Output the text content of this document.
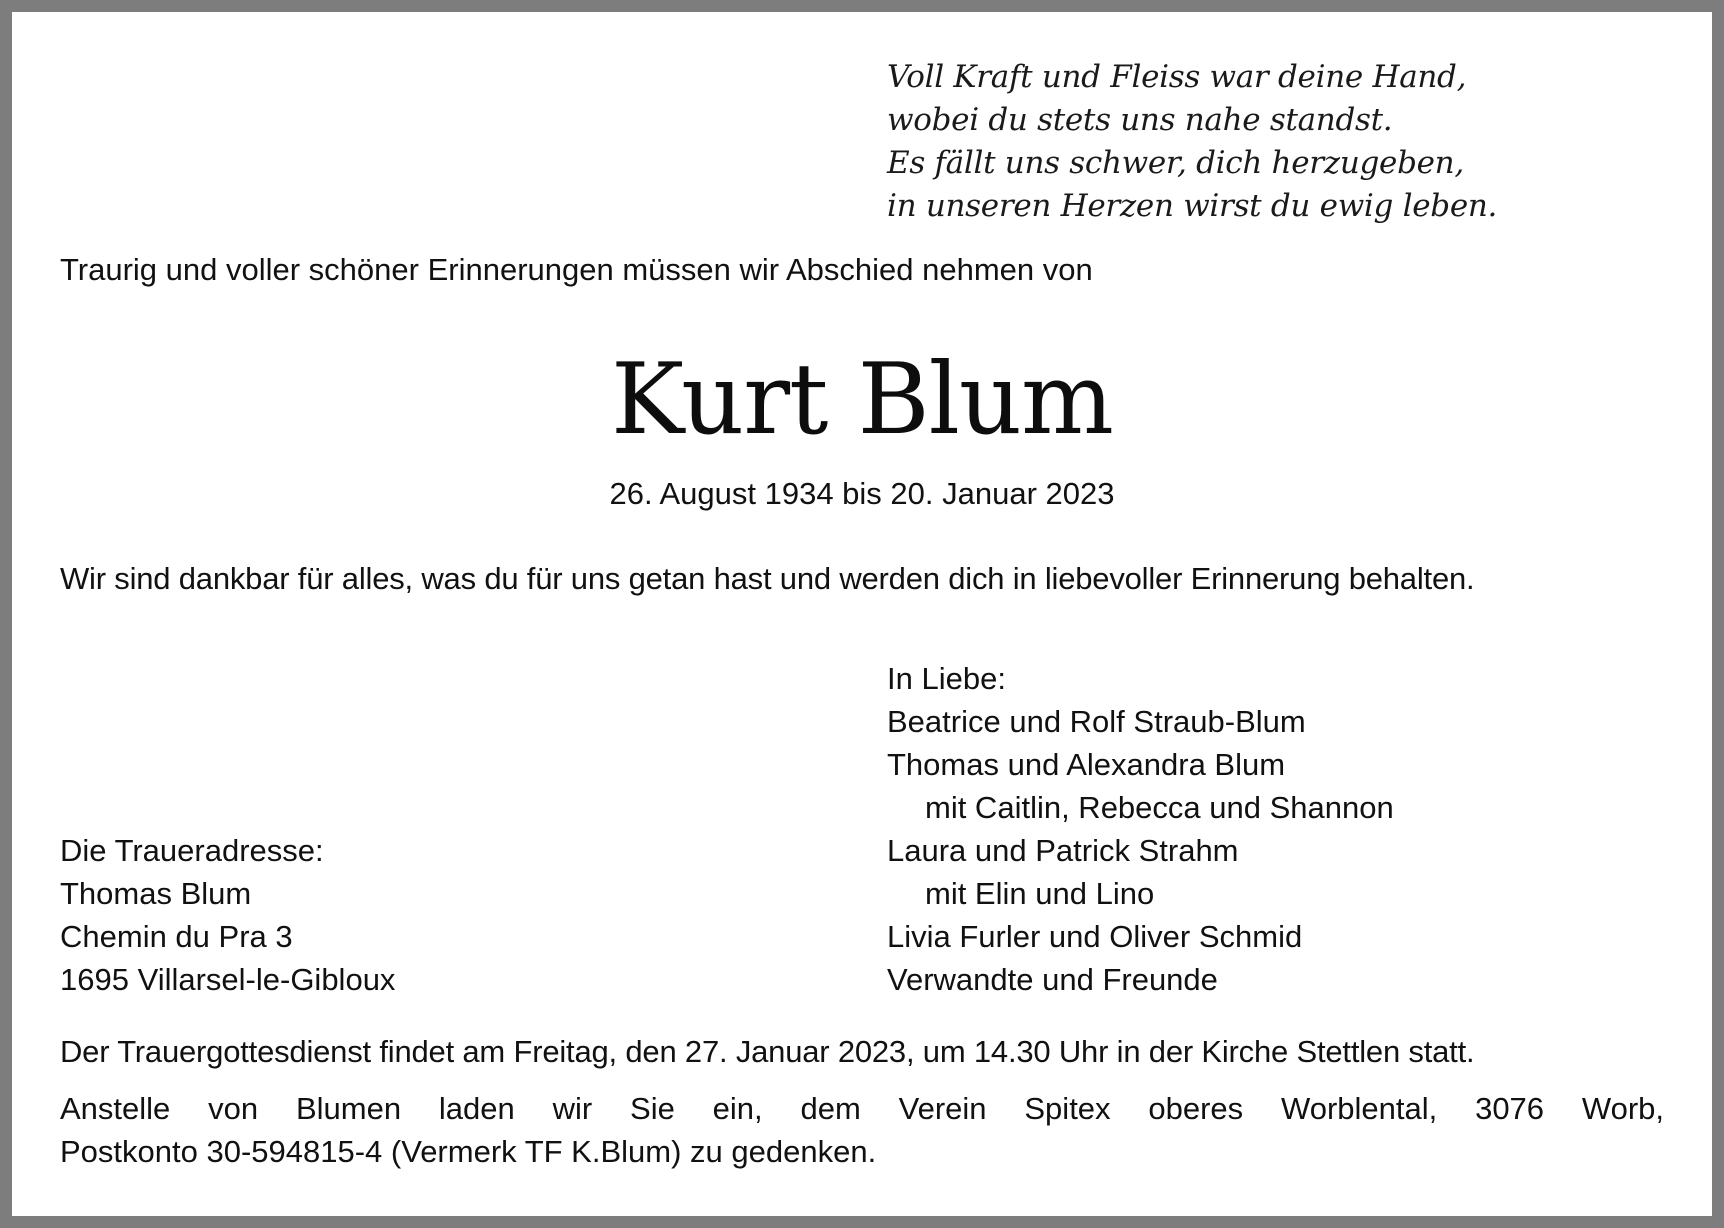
Voll Kraft und Fleiss war deine Hand,
wobei du stets uns nahe standst.
Es fällt uns schwer, dich herzugeben,
in unseren Herzen wirst du ewig leben.
Traurig und voller schöner Erinnerungen müssen wir Abschied nehmen von
Kurt Blum
26. August 1934 bis 20. Januar 2023
Wir sind dankbar für alles, was du für uns getan hast und werden dich in liebevoller Erinnerung behalten.
In Liebe:
Beatrice und Rolf Straub-Blum
Thomas und Alexandra Blum
mit Caitlin, Rebecca und Shannon
Laura und Patrick Strahm
mit Elin und Lino
Livia Furler und Oliver Schmid
Verwandte und Freunde
Die Traueradresse:
Thomas Blum
Chemin du Pra 3
1695 Villarsel-le-Gibloux
Der Trauergottesdienst findet am Freitag, den 27. Januar 2023, um 14.30 Uhr in der Kirche Stettlen statt.
Anstelle von Blumen laden wir Sie ein, dem Verein Spitex oberes Worblental, 3076 Worb,
Postkonto 30-594815-4 (Vermerk TF K.Blum) zu gedenken.
